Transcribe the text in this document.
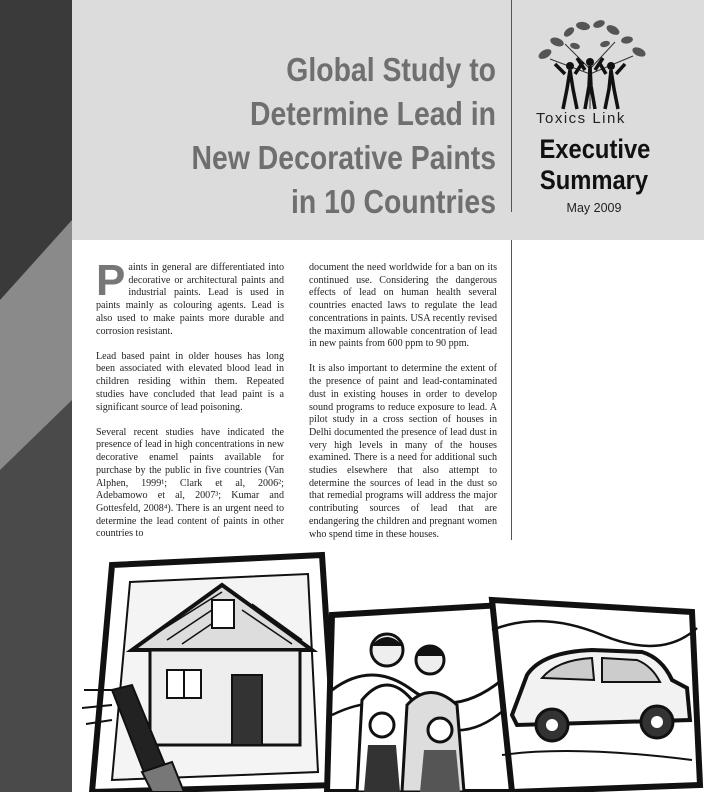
Global Study to
Determine Lead in
New Decorative Paints
in 10 Countries
Toxics Link
Executive
Summary
May 2009

Paints in general are differentiated into decorative or architectural paints and industrial paints. Lead is used in paints mainly as colouring agents. Lead is also used to make paints more durable and corrosion resistant.

Lead based paint in older houses has long been associated with elevated blood lead in children residing within them. Repeated studies have concluded that lead paint is a significant source of lead poisoning.

Several recent studies have indicated the presence of lead in high concentrations in new decorative enamel paints available for purchase by the public in five countries (Van Alphen, 1999¹; Clark et al, 2006²; Adebamowo et al, 2007³; Kumar and Gottesfeld, 2008⁴). There is an urgent need to determine the lead content of paints in other countries to

document the need worldwide for a ban on its continued use. Considering the dangerous effects of lead on human health several countries enacted laws to regulate the lead concentrations in paints. USA recently revised the maximum allowable concentration of lead in new paints from 600 ppm to 90 ppm.

It is also important to determine the extent of the presence of paint and lead-contaminated dust in existing houses in order to develop sound programs to reduce exposure to lead. A pilot study in a cross section of houses in Delhi documented the presence of lead dust in very high levels in many of the houses examined. There is a need for additional such studies elsewhere that also attempt to determine the sources of lead in the dust so that remedial programs will address the major contributing sources of lead that are endangering the children and pregnant women who spend time in these houses.
